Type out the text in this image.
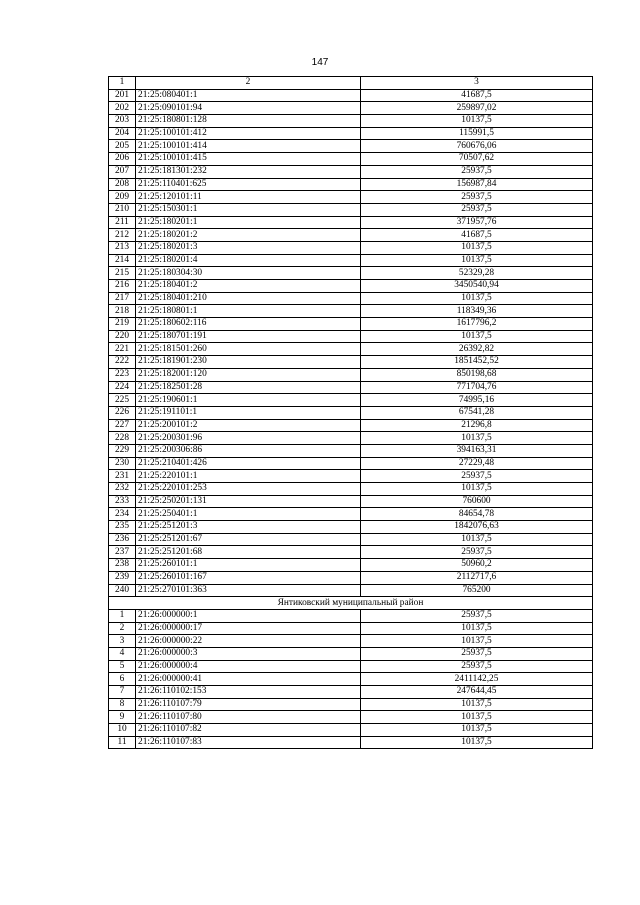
147
1	2	3
201	21:25:080401:1	41687,5
202	21:25:090101:94	259897,02
203	21:25:180801:128	10137,5
204	21:25:100101:412	115991,5
205	21:25:100101:414	760676,06
206	21:25:100101:415	70507,62
207	21:25:181301:232	25937,5
208	21:25:110401:625	156987,84
209	21:25:120101:11	25937,5
210	21:25:150301:1	25937,5
211	21:25:180201:1	371957,76
212	21:25:180201:2	41687,5
213	21:25:180201:3	10137,5
214	21:25:180201:4	10137,5
215	21:25:180304:30	52329,28
216	21:25:180401:2	3450540,94
217	21:25:180401:210	10137,5
218	21:25:180801:1	118349,36
219	21:25:180602:116	1617796,2
220	21:25:180701:191	10137,5
221	21:25:181501:260	26392,82
222	21:25:181901:230	1851452,52
223	21:25:182001:120	850198,68
224	21:25:182501:28	771704,76
225	21:25:190601:1	74995,16
226	21:25:191101:1	67541,28
227	21:25:200101:2	21296,8
228	21:25:200301:96	10137,5
229	21:25:200306:86	394163,31
230	21:25:210401:426	27229,48
231	21:25:220101:1	25937,5
232	21:25:220101:253	10137,5
233	21:25:250201:131	760600
234	21:25:250401:1	84654,78
235	21:25:251201:3	1842076,63
236	21:25:251201:67	10137,5
237	21:25:251201:68	25937,5
238	21:25:260101:1	50960,2
239	21:25:260101:167	2112717,6
240	21:25:270101:363	765200
Янтиковский муниципальный район		
1	21:26:000000:1	25937,5
2	21:26:000000:17	10137,5
3	21:26:000000:22	10137,5
4	21:26:000000:3	25937,5
5	21:26:000000:4	25937,5
6	21:26:000000:41	2411142,25
7	21:26:110102:153	247644,45
8	21:26:110107:79	10137,5
9	21:26:110107:80	10137,5
10	21:26:110107:82	10137,5
11	21:26:110107:83	10137,5
